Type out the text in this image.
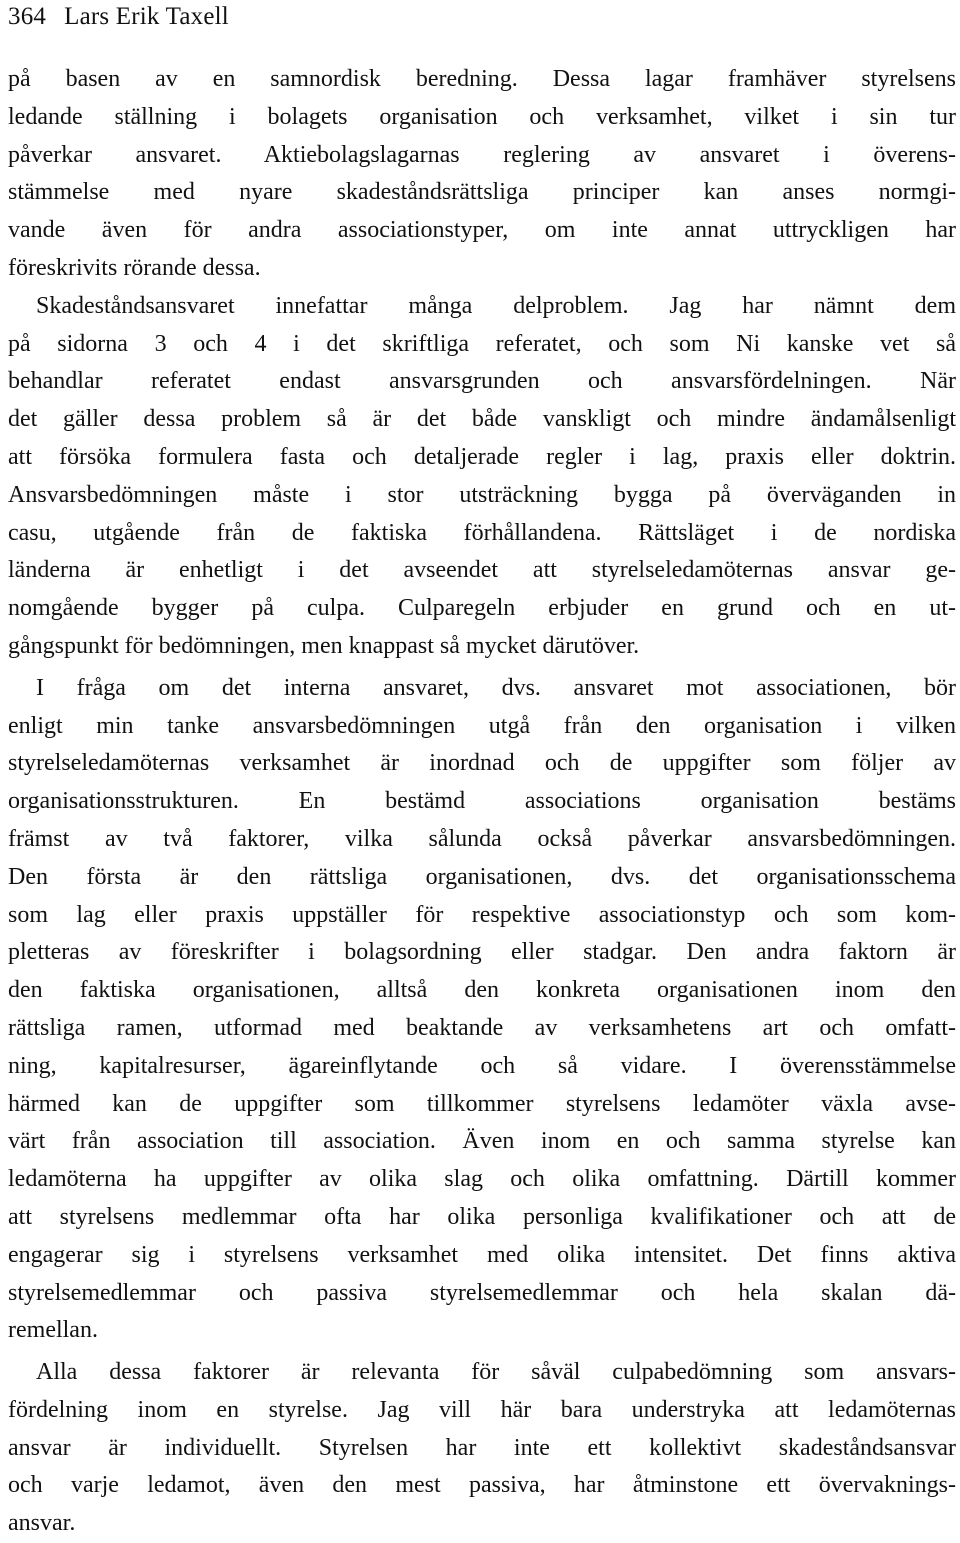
364 Lars Erik Taxell
på basen av en samnordisk beredning. Dessa lagar framhäver styrelsens
ledande ställning i bolagets organisation och verksamhet, vilket i sin tur
påverkar ansvaret. Aktiebolagslagarnas reglering av ansvaret i överens-
stämmelse med nyare skadeståndsrättsliga principer kan anses normgi-
vande även för andra associationstyper, om inte annat uttryckligen har
föreskrivits rörande dessa.
Skadeståndsansvaret innefattar många delproblem. Jag har nämnt dem
på sidorna 3 och 4 i det skriftliga referatet, och som Ni kanske vet så
behandlar referatet endast ansvarsgrunden och ansvarsfördelningen. När
det gäller dessa problem så är det både vanskligt och mindre ändamålsenligt
att försöka formulera fasta och detaljerade regler i lag, praxis eller doktrin.
Ansvarsbedömningen måste i stor utsträckning bygga på överväganden in
casu, utgående från de faktiska förhållandena. Rättsläget i de nordiska
länderna är enhetligt i det avseendet att styrelseledamöternas ansvar ge-
nomgående bygger på culpa. Culparegeln erbjuder en grund och en ut-
gångspunkt för bedömningen, men knappast så mycket därutöver.
I fråga om det interna ansvaret, dvs. ansvaret mot associationen, bör
enligt min tanke ansvarsbedömningen utgå från den organisation i vilken
styrelseledamöternas verksamhet är inordnad och de uppgifter som följer av
organisationsstrukturen. En bestämd associations organisation bestäms
främst av två faktorer, vilka sålunda också påverkar ansvarsbedömningen.
Den första är den rättsliga organisationen, dvs. det organisationsschema
som lag eller praxis uppställer för respektive associationstyp och som kom-
pletteras av föreskrifter i bolagsordning eller stadgar. Den andra faktorn är
den faktiska organisationen, alltså den konkreta organisationen inom den
rättsliga ramen, utformad med beaktande av verksamhetens art och omfatt-
ning, kapitalresurser, ägareinflytande och så vidare. I överensstämmelse
härmed kan de uppgifter som tillkommer styrelsens ledamöter växla avse-
värt från association till association. Även inom en och samma styrelse kan
ledamöterna ha uppgifter av olika slag och olika omfattning. Därtill kommer
att styrelsens medlemmar ofta har olika personliga kvalifikationer och att de
engagerar sig i styrelsens verksamhet med olika intensitet. Det finns aktiva
styrelsemedlemmar och passiva styrelsemedlemmar och hela skalan dä-
remellan.
Alla dessa faktorer är relevanta för såväl culpabedömning som ansvars-
fördelning inom en styrelse. Jag vill här bara understryka att ledamöternas
ansvar är individuellt. Styrelsen har inte ett kollektivt skadeståndsansvar
och varje ledamot, även den mest passiva, har åtminstone ett övervaknings-
ansvar.
